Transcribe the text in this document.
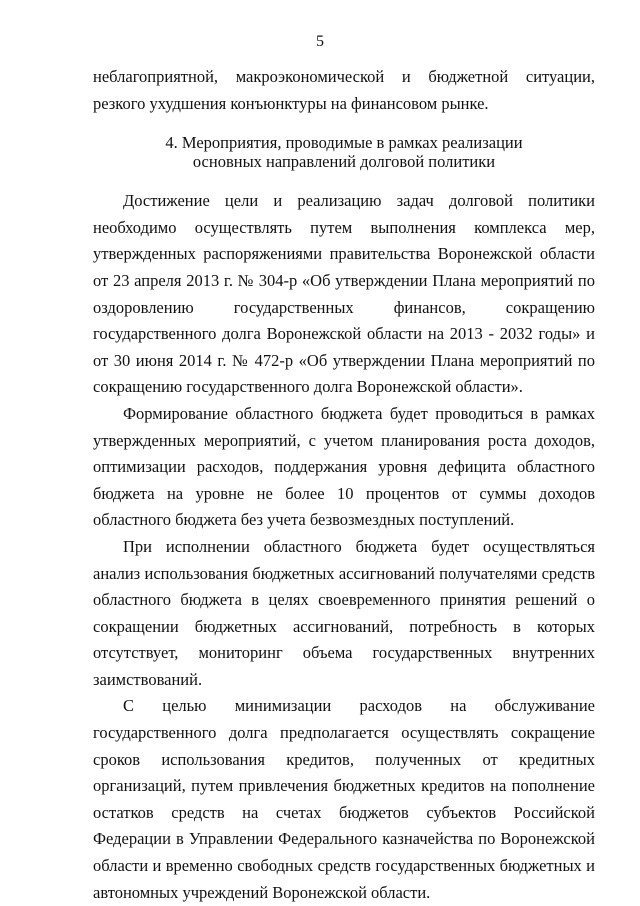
5

неблагоприятной, макроэкономической и бюджетной ситуации, резкого ухудшения конъюнктуры на финансовом рынке.

4. Мероприятия, проводимые в рамках реализации
основных направлений долговой политики

Достижение цели и реализацию задач долговой политики необходимо осуществлять путем выполнения комплекса мер, утвержденных распоряжениями правительства Воронежской области от 23 апреля 2013 г. № 304-р «Об утверждении Плана мероприятий по оздоровлению государственных финансов, сокращению государственного долга Воронежской области на 2013 - 2032 годы» и от 30 июня 2014 г. № 472-р «Об утверждении Плана мероприятий по сокращению государственного долга Воронежской области».

Формирование областного бюджета будет проводиться в рамках утвержденных мероприятий, с учетом планирования роста доходов, оптимизации расходов, поддержания уровня дефицита областного бюджета на уровне не более 10 процентов от суммы доходов областного бюджета без учета безвозмездных поступлений.

При исполнении областного бюджета будет осуществляться анализ использования бюджетных ассигнований получателями средств областного бюджета в целях своевременного принятия решений о сокращении бюджетных ассигнований, потребность в которых отсутствует, мониторинг объема государственных внутренних заимствований.

С целью минимизации расходов на обслуживание государственного долга предполагается осуществлять сокращение сроков использования кредитов, полученных от кредитных организаций, путем привлечения бюджетных кредитов на пополнение остатков средств на счетах бюджетов субъектов Российской Федерации в Управлении Федерального казначейства по Воронежской области и временно свободных средств государственных бюджетных и автономных учреждений Воронежской области.
